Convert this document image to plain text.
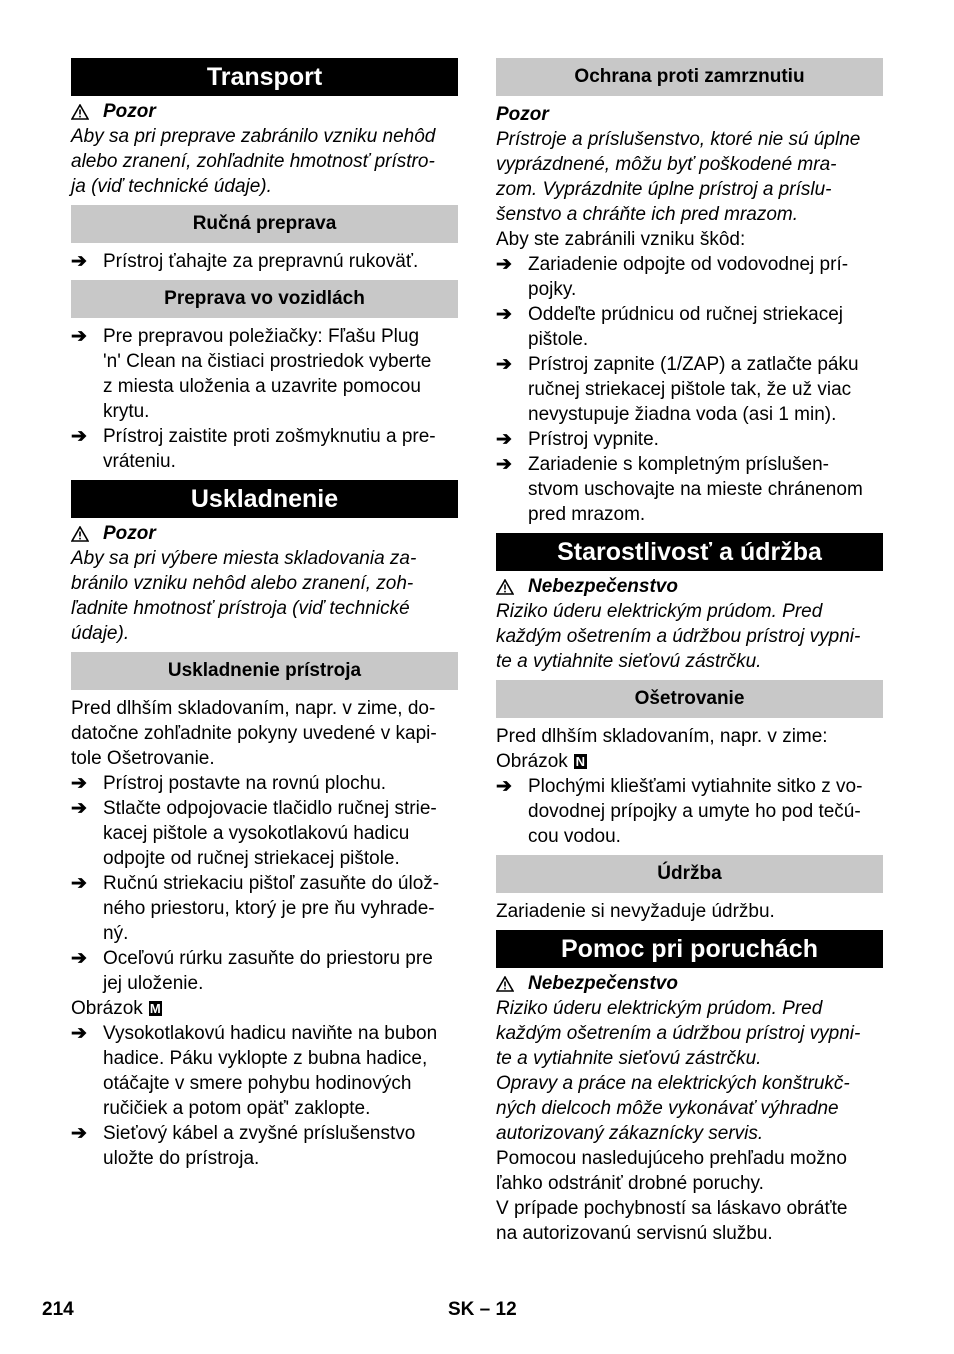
Transport
Pozor
Aby sa pri preprave zabránilo vzniku nehôd
alebo zranení, zohľadnite hmotnosť prístro-
ja (viď technické údaje).
Ručná preprava
➔ Prístroj ťahajte za prepravnú rukoväť.
Preprava vo vozidlách
➔ Pre prepravou poležiačky: Fľašu Plug
'n' Clean na čistiaci prostriedok vyberte
z miesta uloženia a uzavrite pomocou
krytu.
➔ Prístroj zaistite proti zošmyknutiu a pre-
vráteniu.
Uskladnenie
Pozor
Aby sa pri výbere miesta skladovania za-
bránilo vzniku nehôd alebo zranení, zoh-
ľadnite hmotnosť prístroja (viď technické
údaje).
Uskladnenie prístroja
Pred dlhším skladovaním, napr. v zime, do-
datočne zohľadnite pokyny uvedené v kapi-
tole Ošetrovanie.
➔ Prístroj postavte na rovnú plochu.
➔ Stlačte odpojovacie tlačidlo ručnej strie-
kacej pištole a vysokotlakovú hadicu
odpojte od ručnej striekacej pištole.
➔ Ručnú striekaciu pištoľ zasuňte do úlož-
ného priestoru, ktorý je pre ňu vyhrade-
ný.
➔ Oceľovú rúrku zasuňte do priestoru pre
jej uloženie.
Obrázok M
➔ Vysokotlakovú hadicu naviňte na bubon
hadice. Páku vyklopte z bubna hadice,
otáčajte v smere pohybu hodinových
ručičiek a potom opäť' zaklopte.
➔ Sieťový kábel a zvyšné príslušenstvo
uložte do prístroja.
Ochrana proti zamrznutiu
Pozor
Prístroje a príslušenstvo, ktoré nie sú úplne
vyprázdnené, môžu byť poškodené mra-
zom. Vyprázdnite úplne prístroj a príslu-
šenstvo a chráňte ich pred mrazom.
Aby ste zabránili vzniku škôd:
➔ Zariadenie odpojte od vodovodnej prí-
pojky.
➔ Oddeľte prúdnicu od ručnej striekacej
pištole.
➔ Prístroj zapnite (1/ZAP) a zatlačte páku
ručnej striekacej pištole tak, že už viac
nevystupuje žiadna voda (asi 1 min).
➔ Prístroj vypnite.
➔ Zariadenie s kompletným príslušen-
stvom uschovajte na mieste chránenom
pred mrazom.
Starostlivosť a údržba
Nebezpečenstvo
Riziko úderu elektrickým prúdom. Pred
každým ošetrením a údržbou prístroj vypni-
te a vytiahnite sieťovú zástrčku.
Ošetrovanie
Pred dlhším skladovaním, napr. v zime:
Obrázok N
➔ Plochými kliešťami vytiahnite sitko z vo-
dovodnej prípojky a umyte ho pod tečú-
cou vodou.
Údržba
Zariadenie si nevyžaduje údržbu.
Pomoc pri poruchách
Nebezpečenstvo
Riziko úderu elektrickým prúdom. Pred
každým ošetrením a údržbou prístroj vypni-
te a vytiahnite sieťovú zástrčku.
Opravy a práce na elektrických konštrukč-
ných dielcoch môže vykonávať výhradne
autorizovaný zákaznícky servis.
Pomocou nasledujúceho prehľadu možno
ľahko odstrániť drobné poruchy.
V prípade pochybností sa láskavo obráťte
na autorizovanú servisnú službu.
214	SK – 12
